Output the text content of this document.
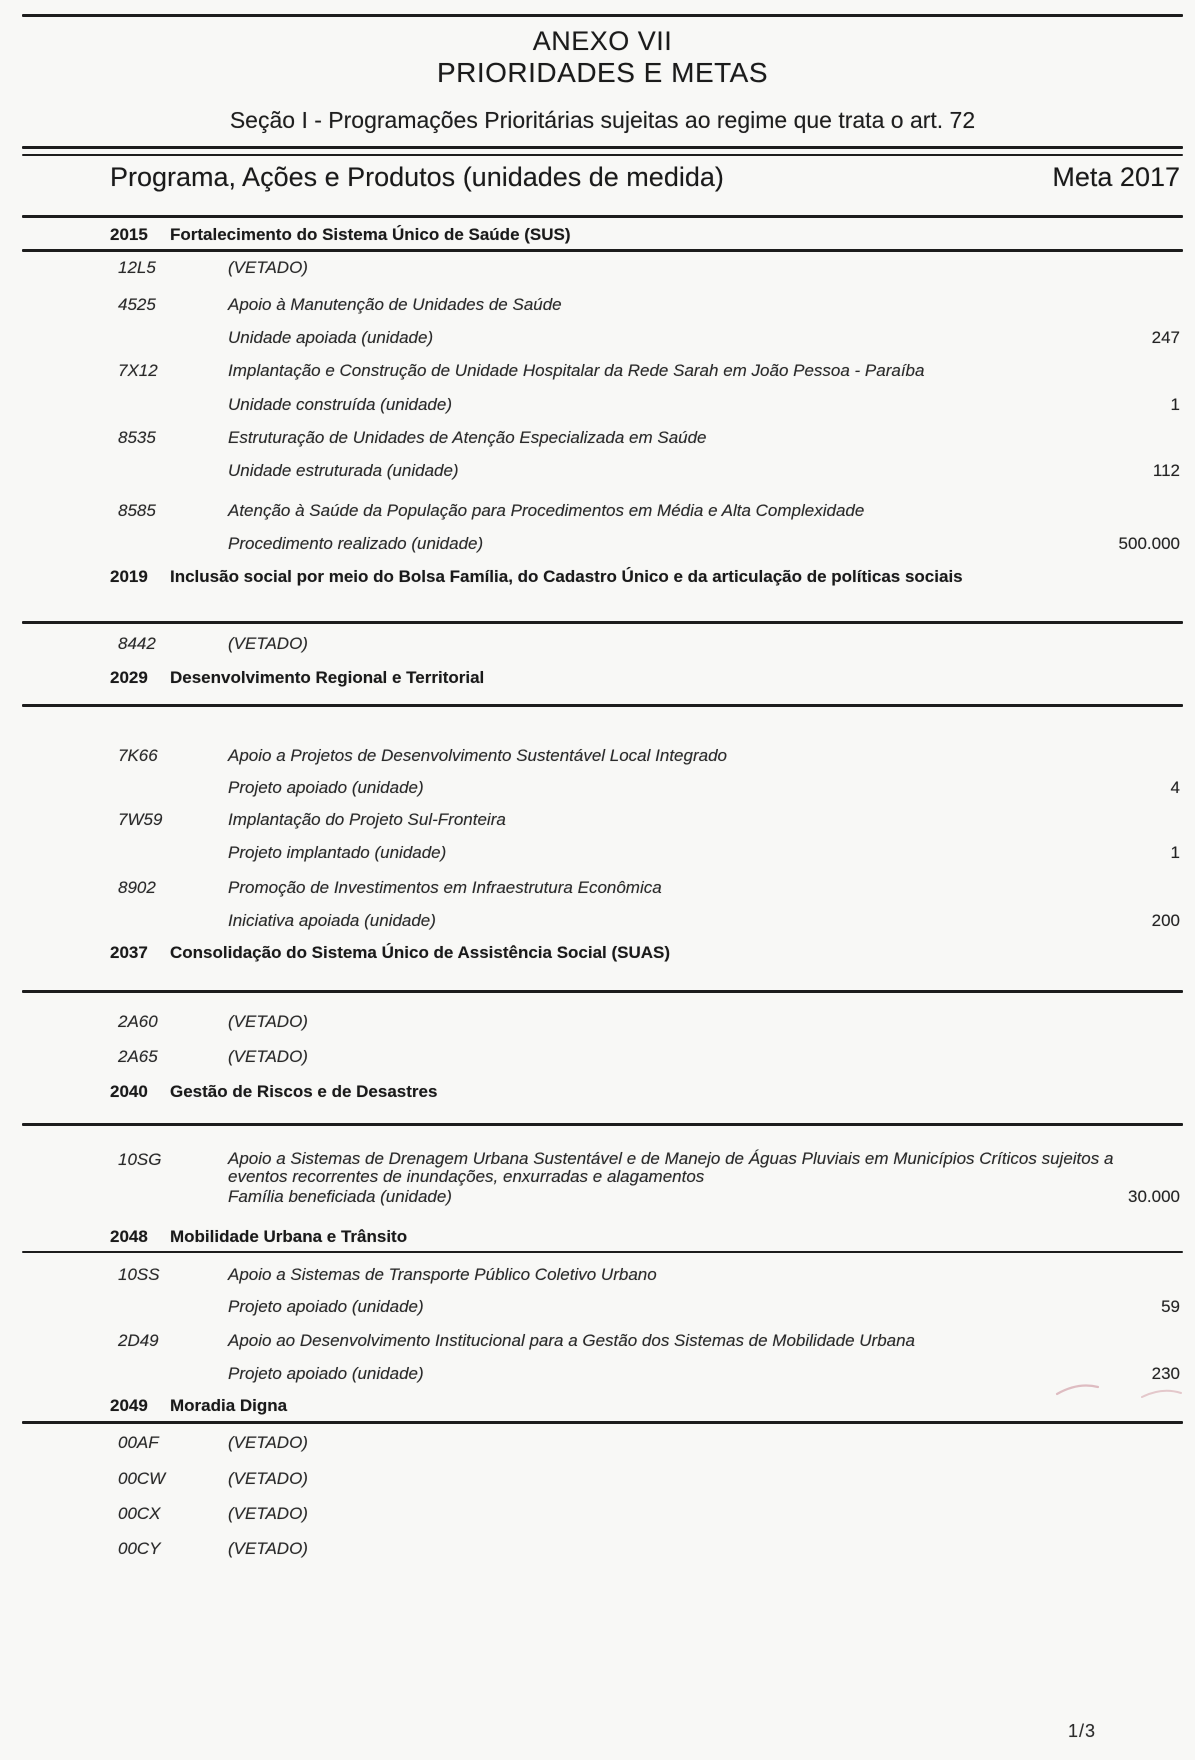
ANEXO VII
PRIORIDADES E METAS
Seção I - Programações Prioritárias sujeitas ao regime que trata o art. 72
Programa, Ações e Produtos (unidades de medida)	Meta 2017
2015 Fortalecimento do Sistema Único de Saúde (SUS)
12L5	(VETADO)
4525	Apoio à Manutenção de Unidades de Saúde
Unidade apoiada (unidade)	247
7X12	Implantação e Construção de Unidade Hospitalar da Rede Sarah em João Pessoa - Paraíba
Unidade construída (unidade)	1
8535	Estruturação de Unidades de Atenção Especializada em Saúde
Unidade estruturada (unidade)	112
8585	Atenção à Saúde da População para Procedimentos em Média e Alta Complexidade
Procedimento realizado (unidade)	500.000
2019 Inclusão social por meio do Bolsa Família, do Cadastro Único e da articulação de políticas sociais
8442	(VETADO)
2029 Desenvolvimento Regional e Territorial
7K66	Apoio a Projetos de Desenvolvimento Sustentável Local Integrado
Projeto apoiado (unidade)	4
7W59	Implantação do Projeto Sul-Fronteira
Projeto implantado (unidade)	1
8902	Promoção de Investimentos em Infraestrutura Econômica
Iniciativa apoiada (unidade)	200
2037 Consolidação do Sistema Único de Assistência Social (SUAS)
2A60	(VETADO)
2A65	(VETADO)
2040 Gestão de Riscos e de Desastres
10SG	Apoio a Sistemas de Drenagem Urbana Sustentável e de Manejo de Águas Pluviais em Municípios Críticos sujeitos a eventos recorrentes de inundações, enxurradas e alagamentos
Família beneficiada (unidade)	30.000
2048 Mobilidade Urbana e Trânsito
10SS	Apoio a Sistemas de Transporte Público Coletivo Urbano
Projeto apoiado (unidade)	59
2D49	Apoio ao Desenvolvimento Institucional para a Gestão dos Sistemas de Mobilidade Urbana
Projeto apoiado (unidade)	230
2049 Moradia Digna
00AF	(VETADO)
00CW	(VETADO)
00CX	(VETADO)
00CY	(VETADO)
1/3
